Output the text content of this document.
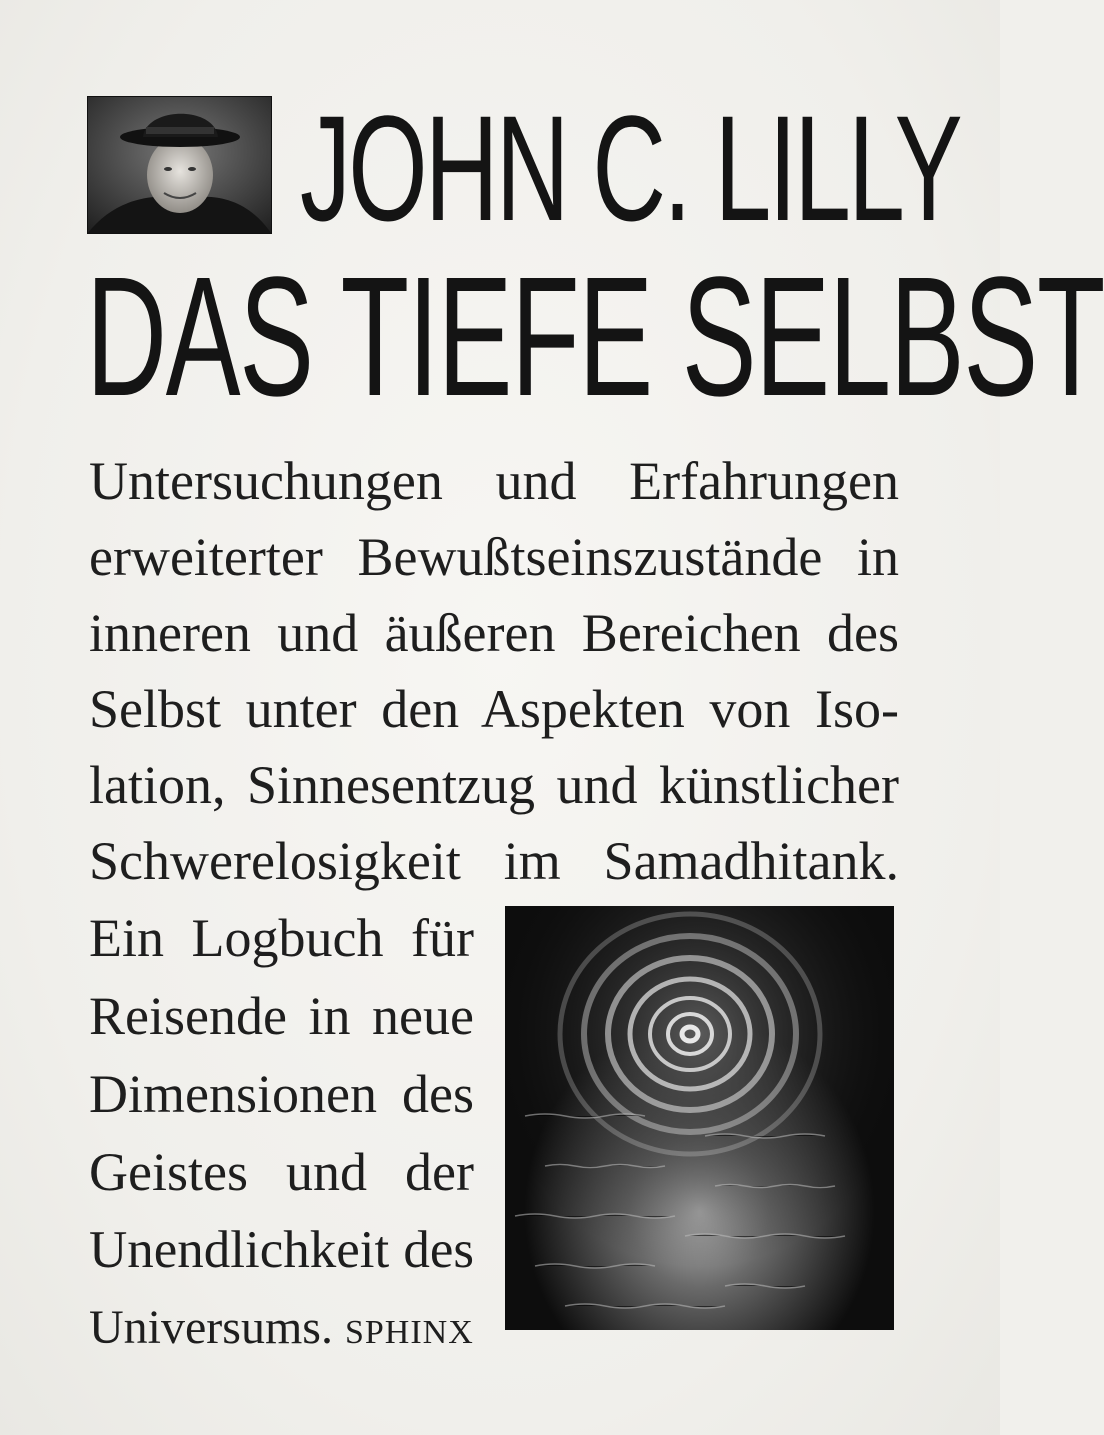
JOHN C. LILLY
DAS TIEFE SELBST
Untersuchungen und Erfahrungen
erweiterter Bewußtseinszustände in
inneren und äußeren Bereichen des
Selbst unter den Aspekten von Iso-
lation, Sinnesentzug und künstlicher
Schwerelosigkeit im Samadhitank.
Ein Logbuch für
Reisende in neue
Dimensionen des
Geistes und der
Unendlichkeit des
Universums. SPHINX
